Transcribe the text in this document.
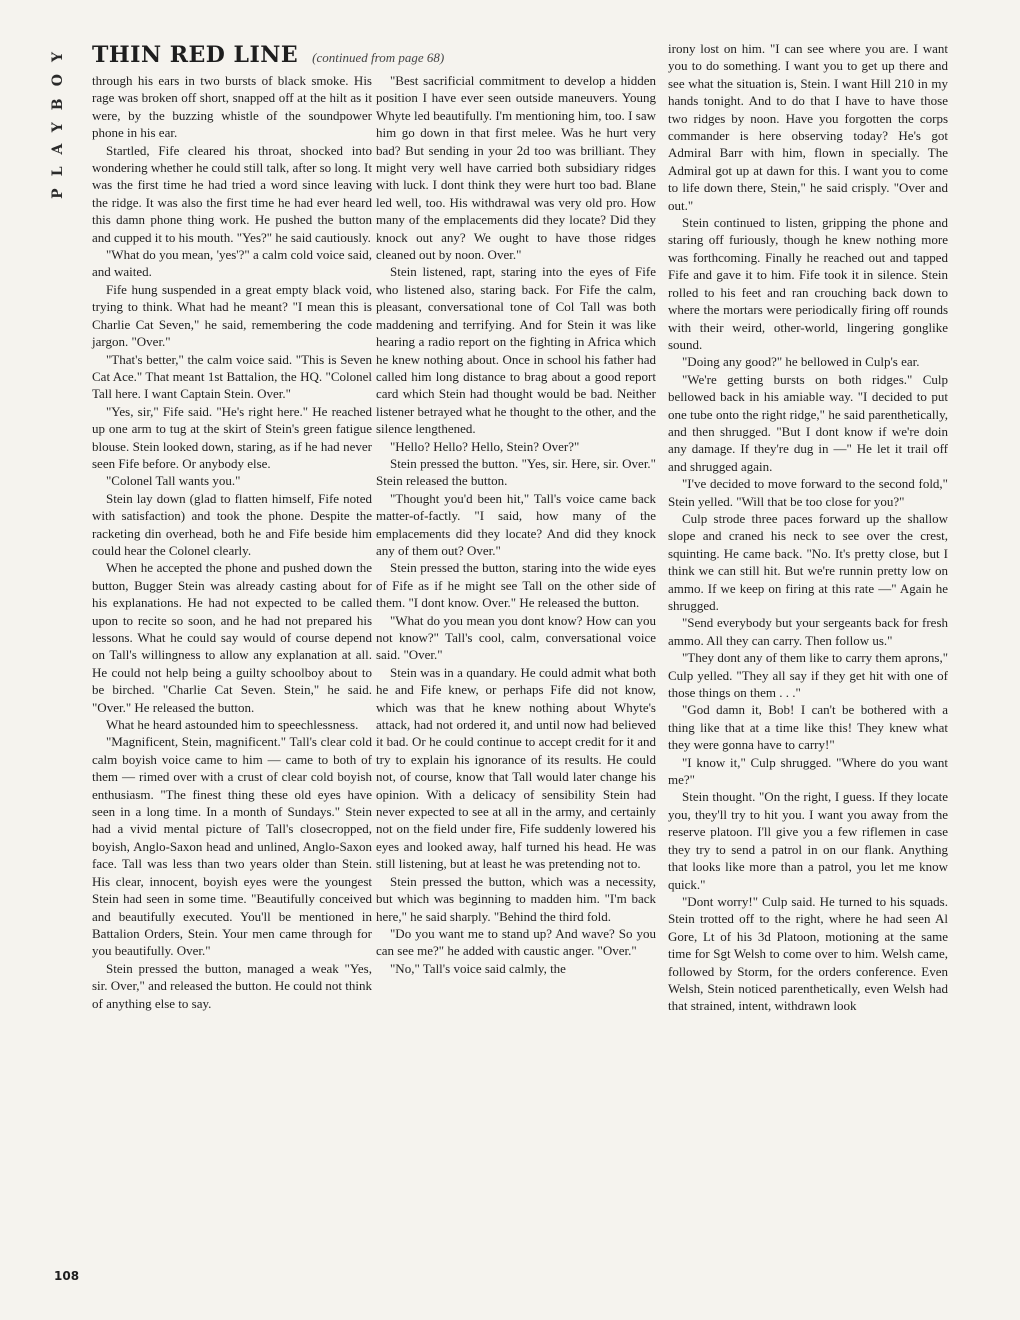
PLAYBOY THIN RED LINE (continued from page 68)

through his ears in two bursts of black smoke. His rage was broken off short, snapped off at the hilt as it were, by the buzzing whistle of the soundpower phone in his ear.

Startled, Fife cleared his throat, shocked into wondering whether he could still talk, after so long. It was the first time he had tried a word since leaving the ridge. It was also the first time he had ever heard this damn phone thing work. He pushed the button and cupped it to his mouth. "Yes?" he said cautiously.

"What do you mean, 'yes'?" a calm cold voice said, and waited.

Fife hung suspended in a great empty black void, trying to think. What had he meant? "I mean this is Charlie Cat Seven," he said, remembering the code jargon. "Over."

"That's better," the calm voice said. "This is Seven Cat Ace." That meant 1st Battalion, the HQ. "Colonel Tall here. I want Captain Stein. Over."

"Yes, sir," Fife said. "He's right here." He reached up one arm to tug at the skirt of Stein's green fatigue blouse. Stein looked down, staring, as if he had never seen Fife before. Or anybody else.

"Colonel Tall wants you."

Stein lay down (glad to flatten himself, Fife noted with satisfaction) and took the phone. Despite the racketing din overhead, both he and Fife beside him could hear the Colonel clearly.

When he accepted the phone and pushed down the button, Bugger Stein was already casting about for his explanations. He had not expected to be called upon to recite so soon, and he had not prepared his lessons. What he could say would of course depend on Tall's willingness to allow any explanation at all. He could not help being a guilty schoolboy about to be birched. "Charlie Cat Seven. Stein," he said. "Over." He released the button.

What he heard astounded him to speechlessness.

"Magnificent, Stein, magnificent." Tall's clear cold calm boyish voice came to him — came to both of them — rimed over with a crust of clear cold boyish enthusiasm. "The finest thing these old eyes have seen in a long time. In a month of Sundays." Stein had a vivid mental picture of Tall's closecropped, boyish, Anglo-Saxon head and unlined, Anglo-Saxon face. Tall was less than two years older than Stein. His clear, innocent, boyish eyes were the youngest Stein had seen in some time. "Beautifully conceived and beautifully executed. You'll be mentioned in Battalion Orders, Stein. Your men came through for you beautifully. Over."

Stein pressed the button, managed a weak "Yes, sir. Over," and released the button. He could not think of anything else to say.

"Best sacrificial commitment to develop a hidden position I have ever seen outside maneuvers. Young Whyte led beautifully. I'm mentioning him, too. I saw him go down in that first melee. Was he hurt very bad? But sending in your 2d too was brilliant. They might very well have carried both subsidiary ridges with luck. I dont think they were hurt too bad. Blane led well, too. His withdrawal was very old pro. How many of the emplacements did they locate? Did they knock out any? We ought to have those ridges cleaned out by noon. Over."

Stein listened, rapt, staring into the eyes of Fife who listened also, staring back. For Fife the calm, pleasant, conversational tone of Col Tall was both maddening and terrifying. And for Stein it was like hearing a radio report on the fighting in Africa which he knew nothing about. Once in school his father had called him long distance to brag about a good report card which Stein had thought would be bad. Neither listener betrayed what he thought to the other, and the silence lengthened.

"Hello? Hello? Hello, Stein? Over?"

Stein pressed the button. "Yes, sir. Here, sir. Over." Stein released the button.

"Thought you'd been hit," Tall's voice came back matter-of-factly. "I said, how many of the emplacements did they locate? And did they knock any of them out? Over."

Stein pressed the button, staring into the wide eyes of Fife as if he might see Tall on the other side of them. "I dont know. Over." He released the button.

"What do you mean you dont know? How can you not know?" Tall's cool, calm, conversational voice said. "Over."

Stein was in a quandary. He could admit what both he and Fife knew, or perhaps Fife did not know, which was that he knew nothing about Whyte's attack, had not ordered it, and until now had believed it bad. Or he could continue to accept credit for it and try to explain his ignorance of its results. He could not, of course, know that Tall would later change his opinion. With a delicacy of sensibility Stein had never expected to see at all in the army, and certainly not on the field under fire, Fife suddenly lowered his eyes and looked away, half turned his head. He was still listening, but at least he was pretending not to.

Stein pressed the button, which was a necessity, but which was beginning to madden him. "I'm back here," he said sharply. "Behind the third fold.

"Do you want me to stand up? And wave? So you can see me?" he added with caustic anger. "Over."

"No," Tall's voice said calmly, the

irony lost on him. "I can see where you are. I want you to do something. I want you to get up there and see what the situation is, Stein. I want Hill 210 in my hands tonight. And to do that I have to have those two ridges by noon. Have you forgotten the corps commander is here observing today? He's got Admiral Barr with him, flown in specially. The Admiral got up at dawn for this. I want you to come to life down there, Stein," he said crisply. "Over and out."

Stein continued to listen, gripping the phone and staring off furiously, though he knew nothing more was forthcoming. Finally he reached out and tapped Fife and gave it to him. Fife took it in silence. Stein rolled to his feet and ran crouching back down to where the mortars were periodically firing off rounds with their weird, other-world, lingering gonglike sound.

"Doing any good?" he bellowed in Culp's ear.

"We're getting bursts on both ridges." Culp bellowed back in his amiable way. "I decided to put one tube onto the right ridge," he said parenthetically, and then shrugged. "But I dont know if we're doin any damage. If they're dug in —" He let it trail off and shrugged again.

"I've decided to move forward to the second fold," Stein yelled. "Will that be too close for you?"

Culp strode three paces forward up the shallow slope and craned his neck to see over the crest, squinting. He came back. "No. It's pretty close, but I think we can still hit. But we're runnin pretty low on ammo. If we keep on firing at this rate —" Again he shrugged.

"Send everybody but your sergeants back for fresh ammo. All they can carry. Then follow us."

"They dont any of them like to carry them aprons," Culp yelled. "They all say if they get hit with one of those things on them . . ."

"God damn it, Bob! I can't be bothered with a thing like that at a time like this! They knew what they were gonna have to carry!"

"I know it," Culp shrugged. "Where do you want me?"

Stein thought. "On the right, I guess. If they locate you, they'll try to hit you. I want you away from the reserve platoon. I'll give you a few riflemen in case they try to send a patrol in on our flank. Anything that looks like more than a patrol, you let me know quick."

"Dont worry!" Culp said. He turned to his squads. Stein trotted off to the right, where he had seen Al Gore, Lt of his 3d Platoon, motioning at the same time for Sgt Welsh to come over to him. Welsh came, followed by Storm, for the orders conference. Even Welsh, Stein noticed parenthetically, even Welsh had that strained, intent, withdrawn look

108
